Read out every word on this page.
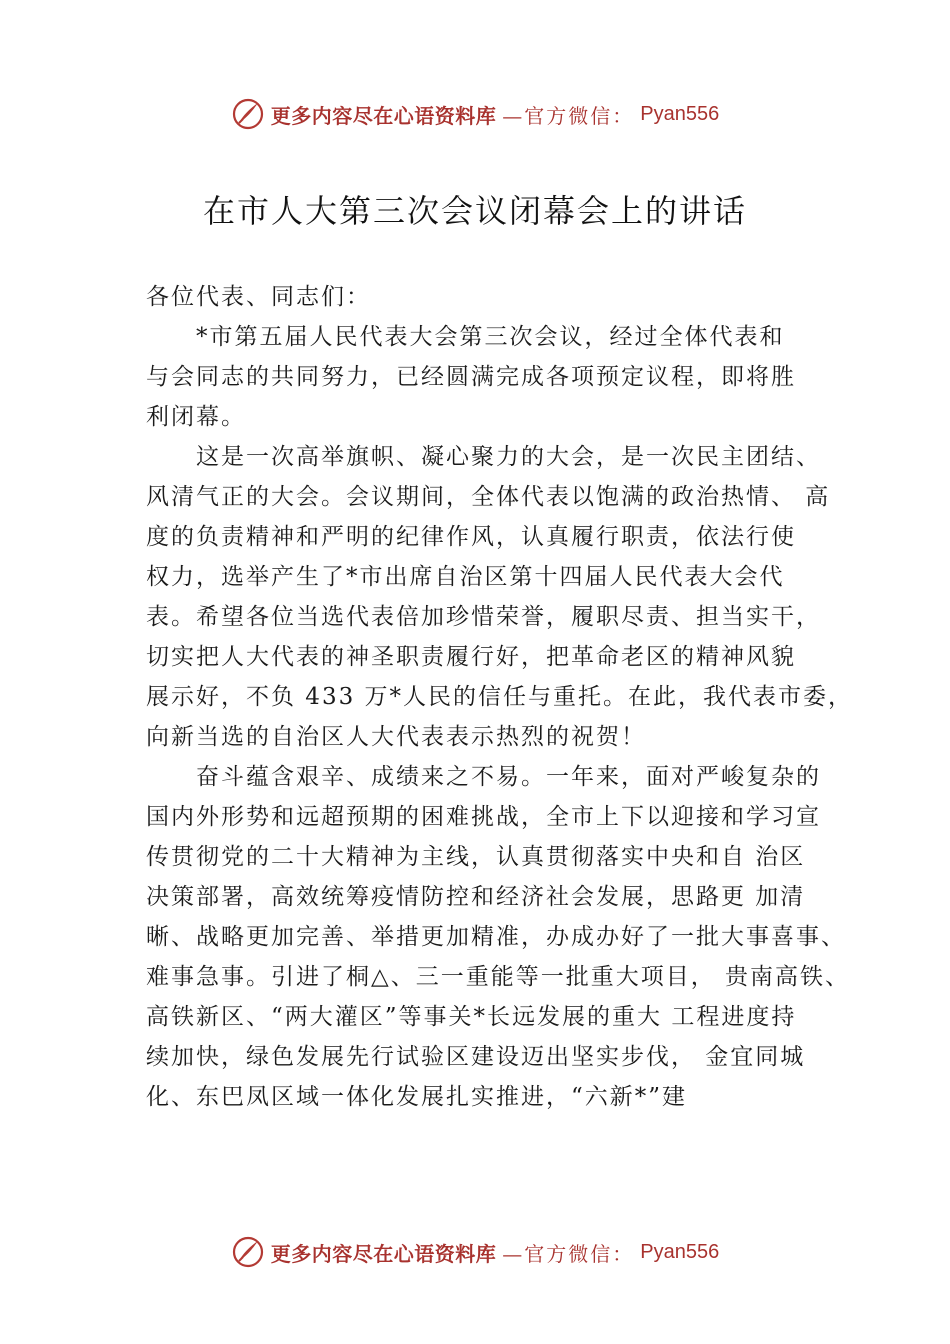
更多内容尽在心语资料库 —官方微信： Pyan556
在市人大第三次会议闭幕会上的讲话
各位代表、同志们：
*市第五届人民代表大会第三次会议，经过全体代表和
与会同志的共同努力，已经圆满完成各项预定议程，即将胜
利闭幕。
这是一次高举旗帜、凝心聚力的大会，是一次民主团结、
风清气正的大会。会议期间，全体代表以饱满的政治热情、 高
度的负责精神和严明的纪律作风，认真履行职责，依法行使
权力，选举产生了*市出席自治区第十四届人民代表大会代
表。希望各位当选代表倍加珍惜荣誉，履职尽责、担当实干，
切实把人大代表的神圣职责履行好，把革命老区的精神风貌
展示好，不负 433 万*人民的信任与重托。在此，我代表市委，
向新当选的自治区人大代表表示热烈的祝贺！
奋斗蕴含艰辛、成绩来之不易。一年来，面对严峻复杂的
国内外形势和远超预期的困难挑战，全市上下以迎接和学习宣
传贯彻党的二十大精神为主线，认真贯彻落实中央和自 治区
决策部署，高效统筹疫情防控和经济社会发展，思路更 加清
晰、战略更加完善、举措更加精准，办成办好了一批大事喜事、
难事急事。引进了桐△、三一重能等一批重大项目， 贵南高铁、
高铁新区、“两大灌区”等事关*长远发展的重大 工程进度持
续加快，绿色发展先行试验区建设迈出坚实步伐， 金宜同城
化、东巴凤区域一体化发展扎实推进，“六新*”建
更多内容尽在心语资料库 —官方微信： Pyan556
